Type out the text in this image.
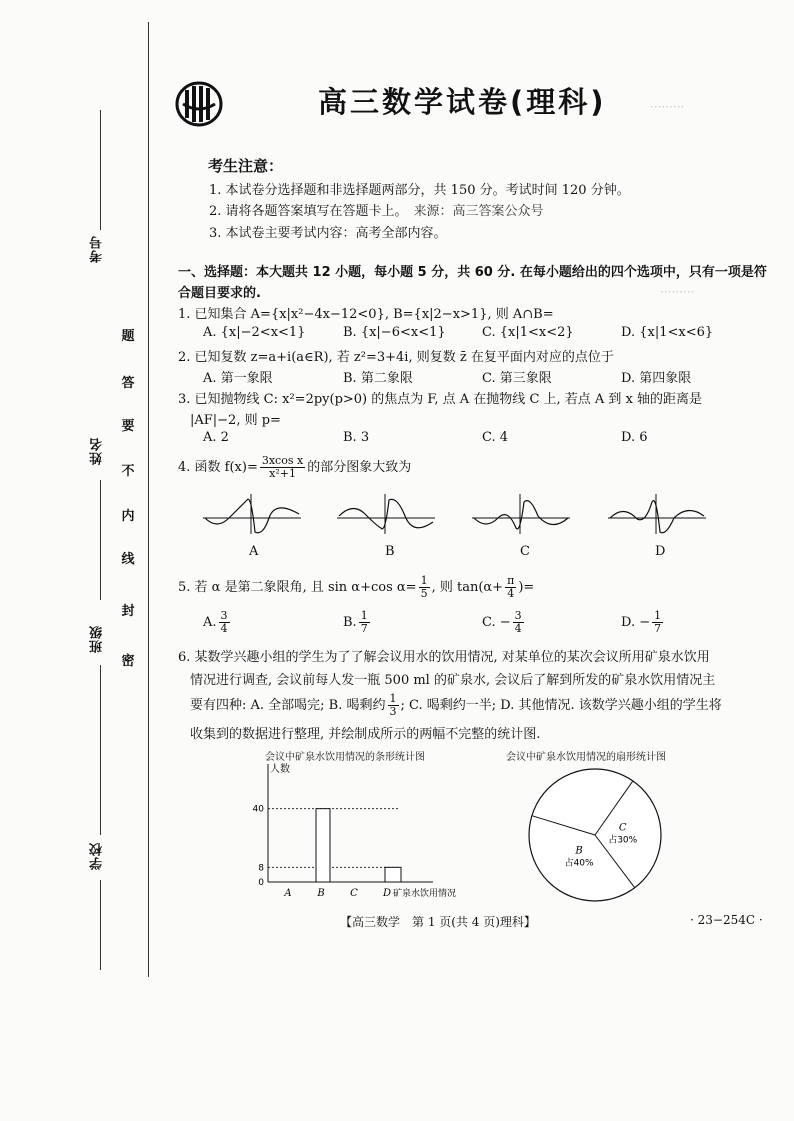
·········
·········
考号
姓名
班级
学校
密
封
线
内
不
要
答
题
高三数学试卷(理科)
考生注意：
1. 本试卷分选择题和非选择题两部分，共 150 分。考试时间 120 分钟。
2. 请将各题答案填写在答题卡上。 来源：高三答案公众号
3. 本试卷主要考试内容：高考全部内容。
一、选择题：本大题共 12 小题，每小题 5 分，共 60 分. 在每小题给出的四个选项中，只有一项是符合题目要求的.
1. 已知集合 A={x|x²−4x−12<0}, B={x|2−x>1}, 则 A∩B=
A. {x|−2<x<1}	B. {x|−6<x<1}	C. {x|1<x<2}	D. {x|1<x<6}
2. 已知复数 z=a+i(a∈R), 若 z²=3+4i, 则复数 z̄ 在复平面内对应的点位于
A. 第一象限	B. 第二象限	C. 第三象限	D. 第四象限
3. 已知抛物线 C: x²=2py(p>0) 的焦点为 F, 点 A 在抛物线 C 上, 若点 A 到 x 轴的距离是
|AF|−2, 则 p=
A. 2	B. 3	C. 4	D. 6
4. 函数 $f(x)= \frac{\text{3xcos x}}{\text{x²+1}}$ 的部分图象大致为
A	B	C	D
5. 若 α 是第二象限角, 且 sin α+cos $\alpha= \frac{1}{5}$ , 则 $\tan(\alpha+ \frac{\pi}{4}$ )=
A. $\frac{3}{4}$	B. $\frac{1}{7}$	C. − $\frac{3}{4}$	D. − $\frac{1}{7}$
6. 某数学兴趣小组的学生为了了解会议用水的饮用情况, 对某单位的某次会议所用矿泉水饮用
情况进行调查, 会议前每人发一瓶 500 ml 的矿泉水, 会议后了解到所发的矿泉水饮用情况主
要有四种: A. 全部喝完; B. 喝剩约 $\frac{1}{3}$ ; C. 喝剩约一半; D. 其他情况. 该数学兴趣小组的学生将
收集到的数据进行整理, 并绘制成所示的两幅不完整的统计图.
会议中矿泉水饮用情况的条形统计图
人数
矿泉水饮用情况
0
8
40
A	B	C	D
会议中矿泉水饮用情况的扇形统计图
C
占30%
B
占40%
【高三数学　第 1 页(共 4 页)理科】	· 23−254C ·
